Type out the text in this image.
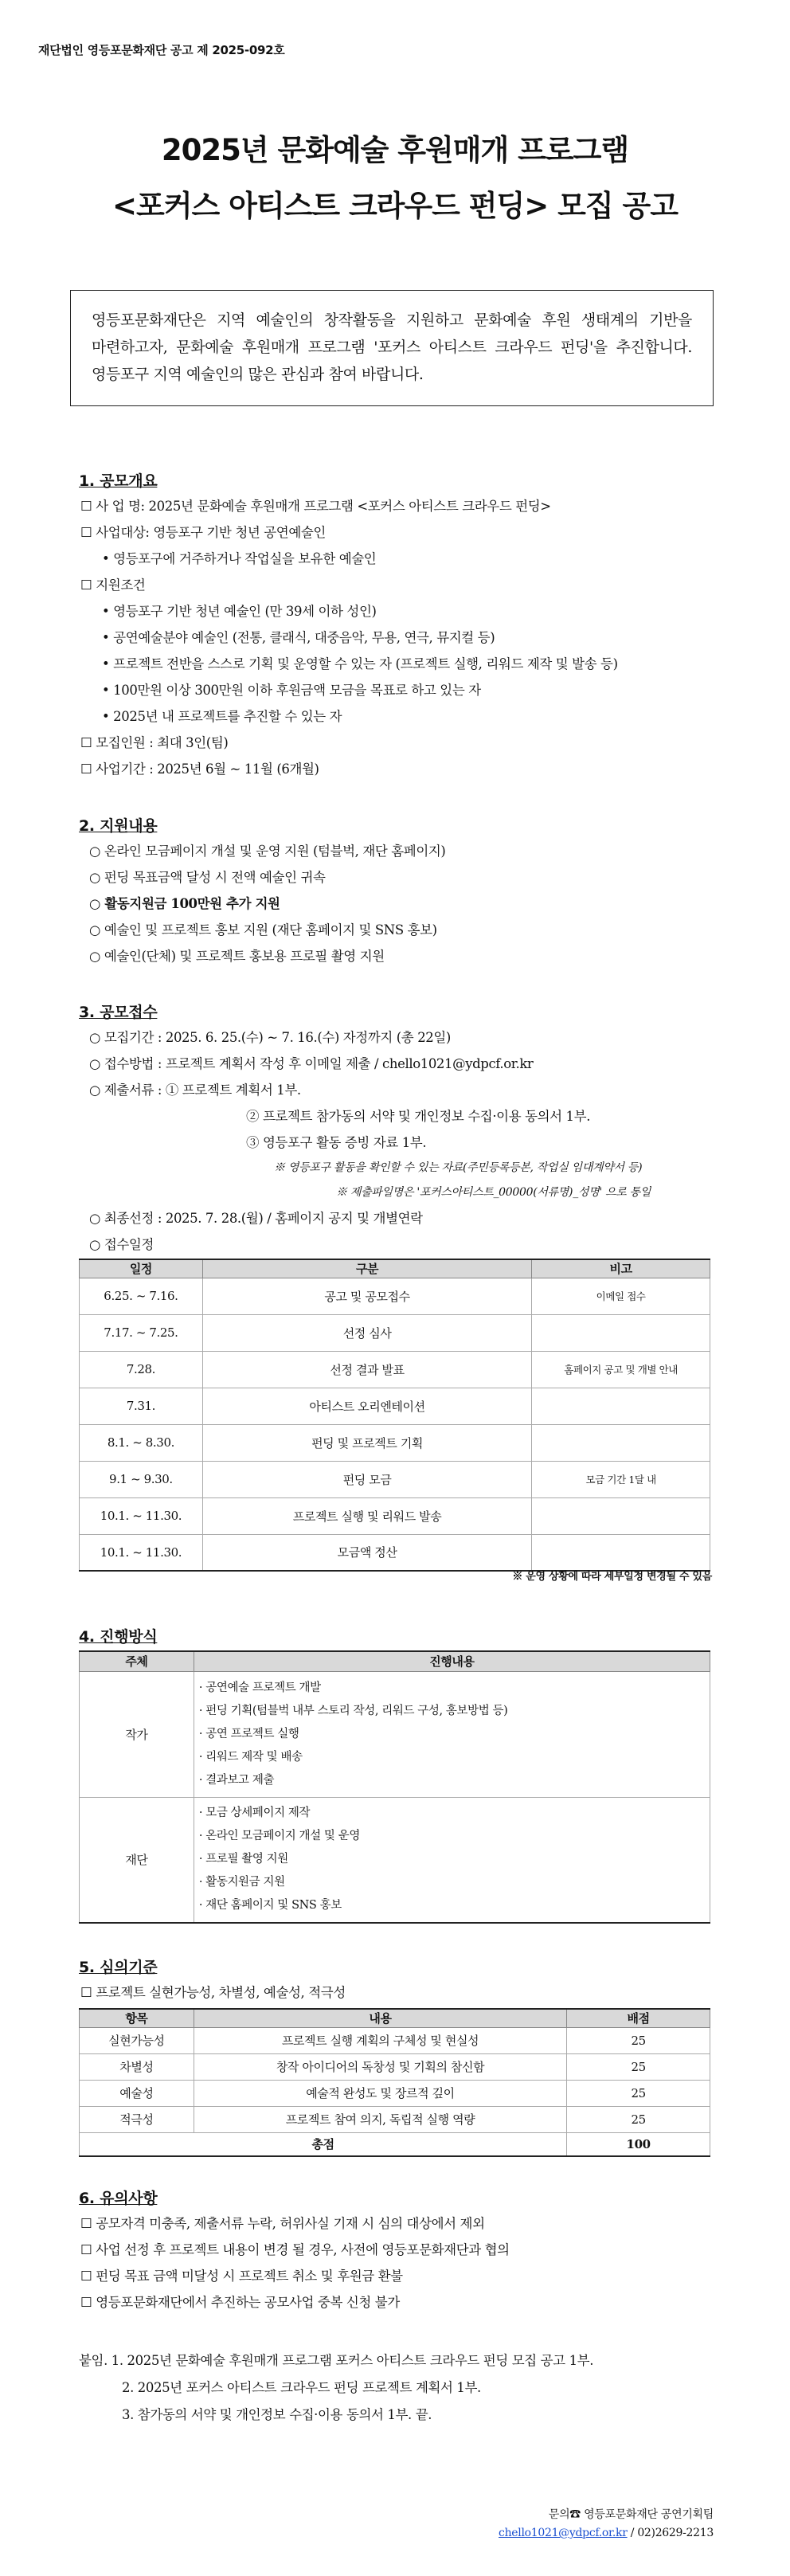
재단법인 영등포문화재단 공고 제 2025-092호
2025년 문화예술 후원매개 프로그램
<포커스 아티스트 크라우드 펀딩> 모집 공고
영등포문화재단은 지역 예술인의 창작활동을 지원하고 문화예술 후원 생태계의 기반을 마련하고자, 문화예술 후원매개 프로그램 '포커스 아티스트 크라우드 펀딩'을 추진합니다. 영등포구 지역 예술인의 많은 관심과 참여 바랍니다.
1. 공모개요
☐ 사 업 명: 2025년 문화예술 후원매개 프로그램 <포커스 아티스트 크라우드 펀딩>
☐ 사업대상: 영등포구 기반 청년 공연예술인
• 영등포구에 거주하거나 작업실을 보유한 예술인
☐ 지원조건
• 영등포구 기반 청년 예술인 (만 39세 이하 성인)
• 공연예술분야 예술인 (전통, 클래식, 대중음악, 무용, 연극, 뮤지컬 등)
• 프로젝트 전반을 스스로 기획 및 운영할 수 있는 자 (프로젝트 실행, 리워드 제작 및 발송 등)
• 100만원 이상 300만원 이하 후원금액 모금을 목표로 하고 있는 자
• 2025년 내 프로젝트를 추진할 수 있는 자
☐ 모집인원 : 최대 3인(팀)
☐ 사업기간 : 2025년 6월 ~ 11월 (6개월)
2. 지원내용
○ 온라인 모금페이지 개설 및 운영 지원 (텀블벅, 재단 홈페이지)
○ 펀딩 목표금액 달성 시 전액 예술인 귀속
○ 활동지원금 100만원 추가 지원
○ 예술인 및 프로젝트 홍보 지원 (재단 홈페이지 및 SNS 홍보)
○ 예술인(단체) 및 프로젝트 홍보용 프로필 촬영 지원
3. 공모접수
○ 모집기간 : 2025. 6. 25.(수) ~ 7. 16.(수) 자정까지 (총 22일)
○ 접수방법 : 프로젝트 계획서 작성 후 이메일 제출 / chello1021@ydpcf.or.kr
○ 제출서류 : ① 프로젝트 계획서 1부.
② 프로젝트 참가동의 서약 및 개인정보 수집·이용 동의서 1부.
③ 영등포구 활동 증빙 자료 1부.
※ 영등포구 활동을 확인할 수 있는 자료(주민등록등본, 작업실 임대계약서 등)
※ 제출파일명은 '포커스아티스트_00000(서류명)_성명' 으로 통일
○ 최종선정 : 2025. 7. 28.(월) / 홈페이지 공지 및 개별연락
○ 접수일정
일정	구분	비고
6.25. ~ 7.16.	공고 및 공모접수	이메일 접수
7.17. ~ 7.25.	선정 심사	
7.28.	선정 결과 발표	홈페이지 공고 및 개별 안내
7.31.	아티스트 오리엔테이션	
8.1. ~ 8.30.	펀딩 및 프로젝트 기획	
9.1 ~ 9.30.	펀딩 모금	모금 기간 1달 내
10.1. ~ 11.30.	프로젝트 실행 및 리워드 발송	
10.1. ~ 11.30.	모금액 정산	
※ 운영 상황에 따라 세부일정 변경될 수 있음
4. 진행방식
주체	진행내용
작가	· 공연예술 프로젝트 개발
· 펀딩 기획(텀블벅 내부 스토리 작성, 리워드 구성, 홍보방법 등)
· 공연 프로젝트 실행
· 리워드 제작 및 배송
· 결과보고 제출

재단	· 모금 상세페이지 제작
· 온라인 모금페이지 개설 및 운영
· 프로필 촬영 지원
· 활동지원금 지원
· 재단 홈페이지 및 SNS 홍보
5. 심의기준
☐ 프로젝트 실현가능성, 차별성, 예술성, 적극성
항목	내용	배점
실현가능성	프로젝트 실행 계획의 구체성 및 현실성	25
차별성	창작 아이디어의 독창성 및 기획의 참신함	25
예술성	예술적 완성도 및 장르적 깊이	25
적극성	프로젝트 참여 의지, 독립적 실행 역량	25
총점		100
6. 유의사항
☐ 공모자격 미충족, 제출서류 누락, 허위사실 기재 시 심의 대상에서 제외
☐ 사업 선정 후 프로젝트 내용이 변경 될 경우, 사전에 영등포문화재단과 협의
☐ 펀딩 목표 금액 미달성 시 프로젝트 취소 및 후원금 환불
☐ 영등포문화재단에서 추진하는 공모사업 중복 신청 불가
붙임. 1. 2025년 문화예술 후원매개 프로그램 포커스 아티스트 크라우드 펀딩 모집 공고 1부.
2. 2025년 포커스 아티스트 크라우드 펀딩 프로젝트 계획서 1부.
3. 참가동의 서약 및 개인정보 수집·이용 동의서 1부. 끝.
문의☎ 영등포문화재단 공연기획팀
chello1021@ydpcf.or.kr / 02)2629-2213
